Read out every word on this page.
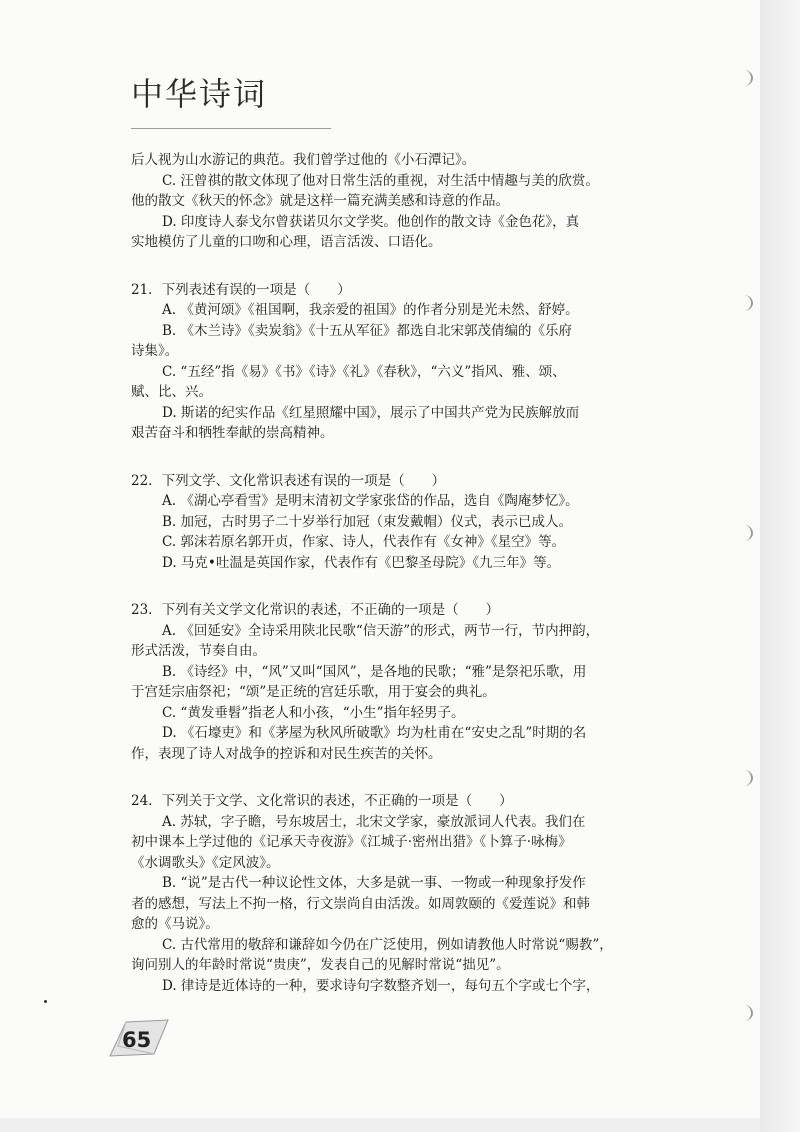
中华诗词
后人视为山水游记的典范。我们曾学过他的《小石潭记》。
C. 汪曾祺的散文体现了他对日常生活的重视，对生活中情趣与美的欣赏。
他的散文《秋天的怀念》就是这样一篇充满美感和诗意的作品。
D. 印度诗人泰戈尔曾获诺贝尔文学奖。他创作的散文诗《金色花》，真
实地模仿了儿童的口吻和心理，语言活泼、口语化。
21．下列表述有误的一项是（　　）
A. 《黄河颂》《祖国啊，我亲爱的祖国》的作者分别是光未然、舒婷。
B. 《木兰诗》《卖炭翁》《十五从军征》都选自北宋郭茂倩编的《乐府
诗集》。
C. “五经”指《易》《书》《诗》《礼》《春秋》，“六义”指风、雅、颂、
赋、比、兴。
D. 斯诺的纪实作品《红星照耀中国》，展示了中国共产党为民族解放而
艰苦奋斗和牺牲奉献的崇高精神。
22．下列文学、文化常识表述有误的一项是（　　）
A. 《湖心亭看雪》是明末清初文学家张岱的作品，选自《陶庵梦忆》。
B. 加冠，古时男子二十岁举行加冠（束发戴帽）仪式，表示已成人。
C. 郭沫若原名郭开贞，作家、诗人，代表作有《女神》《星空》等。
D. 马克•吐温是英国作家，代表作有《巴黎圣母院》《九三年》等。
23．下列有关文学文化常识的表述，不正确的一项是（　　）
A. 《回延安》全诗采用陕北民歌“信天游”的形式，两节一行，节内押韵，
形式活泼，节奏自由。
B. 《诗经》中，“风”又叫“国风”，是各地的民歌；“雅”是祭祀乐歌，用
于宫廷宗庙祭祀；“颂”是正统的宫廷乐歌，用于宴会的典礼。
C. “黄发垂髫”指老人和小孩，“小生”指年轻男子。
D. 《石壕吏》和《茅屋为秋风所破歌》均为杜甫在“安史之乱”时期的名
作，表现了诗人对战争的控诉和对民生疾苦的关怀。
24．下列关于文学、文化常识的表述，不正确的一项是（　　）
A. 苏轼，字子瞻，号东坡居士，北宋文学家，豪放派词人代表。我们在
初中课本上学过他的《记承天寺夜游》《江城子·密州出猎》《卜算子·咏梅》
《水调歌头》《定风波》。
B. “说”是古代一种议论性文体，大多是就一事、一物或一种现象抒发作
者的感想，写法上不拘一格，行文崇尚自由活泼。如周敦颐的《爱莲说》和韩
愈的《马说》。
C. 古代常用的敬辞和谦辞如今仍在广泛使用，例如请教他人时常说“赐教”，
询问别人的年龄时常说“贵庚”，发表自己的见解时常说“拙见”。
D. 律诗是近体诗的一种，要求诗句字数整齐划一，每句五个字或七个字，
65
